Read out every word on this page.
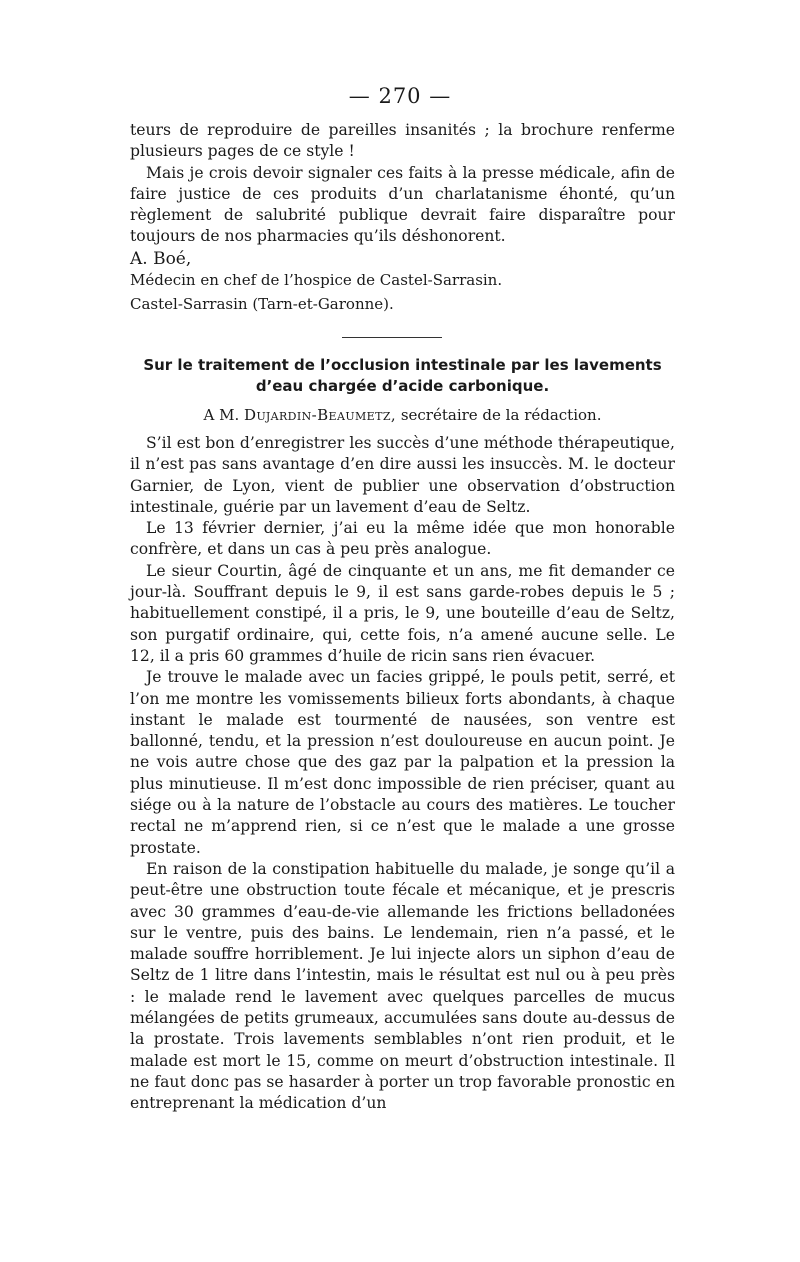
— 270 —

teurs de reproduire de pareilles insanités ; la brochure renferme plusieurs pages de ce style !

Mais je crois devoir signaler ces faits à la presse médicale, afin de faire justice de ces produits d’un charlatanisme éhonté, qu’un règlement de salubrité publique devrait faire disparaître pour toujours de nos pharmacies qu’ils déshonorent.

A. Boé,

Médecin en chef de l’hospice de Castel-Sarrasin.

Castel-Sarrasin (Tarn-et-Garonne).

Sur le traitement de l’occlusion intestinale par les lavements d’eau chargée d’acide carbonique.
A M. Dujardin-Beaumetz, secrétaire de la rédaction.

S’il est bon d’enregistrer les succès d’une méthode thérapeutique, il n’est pas sans avantage d’en dire aussi les insuccès. M. le docteur Garnier, de Lyon, vient de publier une observation d’obstruction intestinale, guérie par un lavement d’eau de Seltz.

Le 13 février dernier, j’ai eu la même idée que mon honorable confrère, et dans un cas à peu près analogue.

Le sieur Courtin, âgé de cinquante et un ans, me fit demander ce jour-là. Souffrant depuis le 9, il est sans garde-robes depuis le 5 ; habituellement constipé, il a pris, le 9, une bouteille d’eau de Seltz, son purgatif ordinaire, qui, cette fois, n’a amené aucune selle. Le 12, il a pris 60 grammes d’huile de ricin sans rien évacuer.

Je trouve le malade avec un facies grippé, le pouls petit, serré, et l’on me montre les vomissements bilieux forts abondants, à chaque instant le malade est tourmenté de nausées, son ventre est ballonné, tendu, et la pression n’est douloureuse en aucun point. Je ne vois autre chose que des gaz par la palpation et la pression la plus minutieuse. Il m’est donc impossible de rien préciser, quant au siége ou à la nature de l’obstacle au cours des matières. Le toucher rectal ne m’apprend rien, si ce n’est que le malade a une grosse prostate.

En raison de la constipation habituelle du malade, je songe qu’il a peut-être une obstruction toute fécale et mécanique, et je prescris avec 30 grammes d’eau-de-vie allemande les frictions belladonées sur le ventre, puis des bains. Le lendemain, rien n’a passé, et le malade souffre horriblement. Je lui injecte alors un siphon d’eau de Seltz de 1 litre dans l’intestin, mais le résultat est nul ou à peu près : le malade rend le lavement avec quelques parcelles de mucus mélangées de petits grumeaux, accumulées sans doute au-dessus de la prostate. Trois lavements semblables n’ont rien produit, et le malade est mort le 15, comme on meurt d’obstruction intestinale. Il ne faut donc pas se hasarder à porter un trop favorable pronostic en entreprenant la médication d’un
